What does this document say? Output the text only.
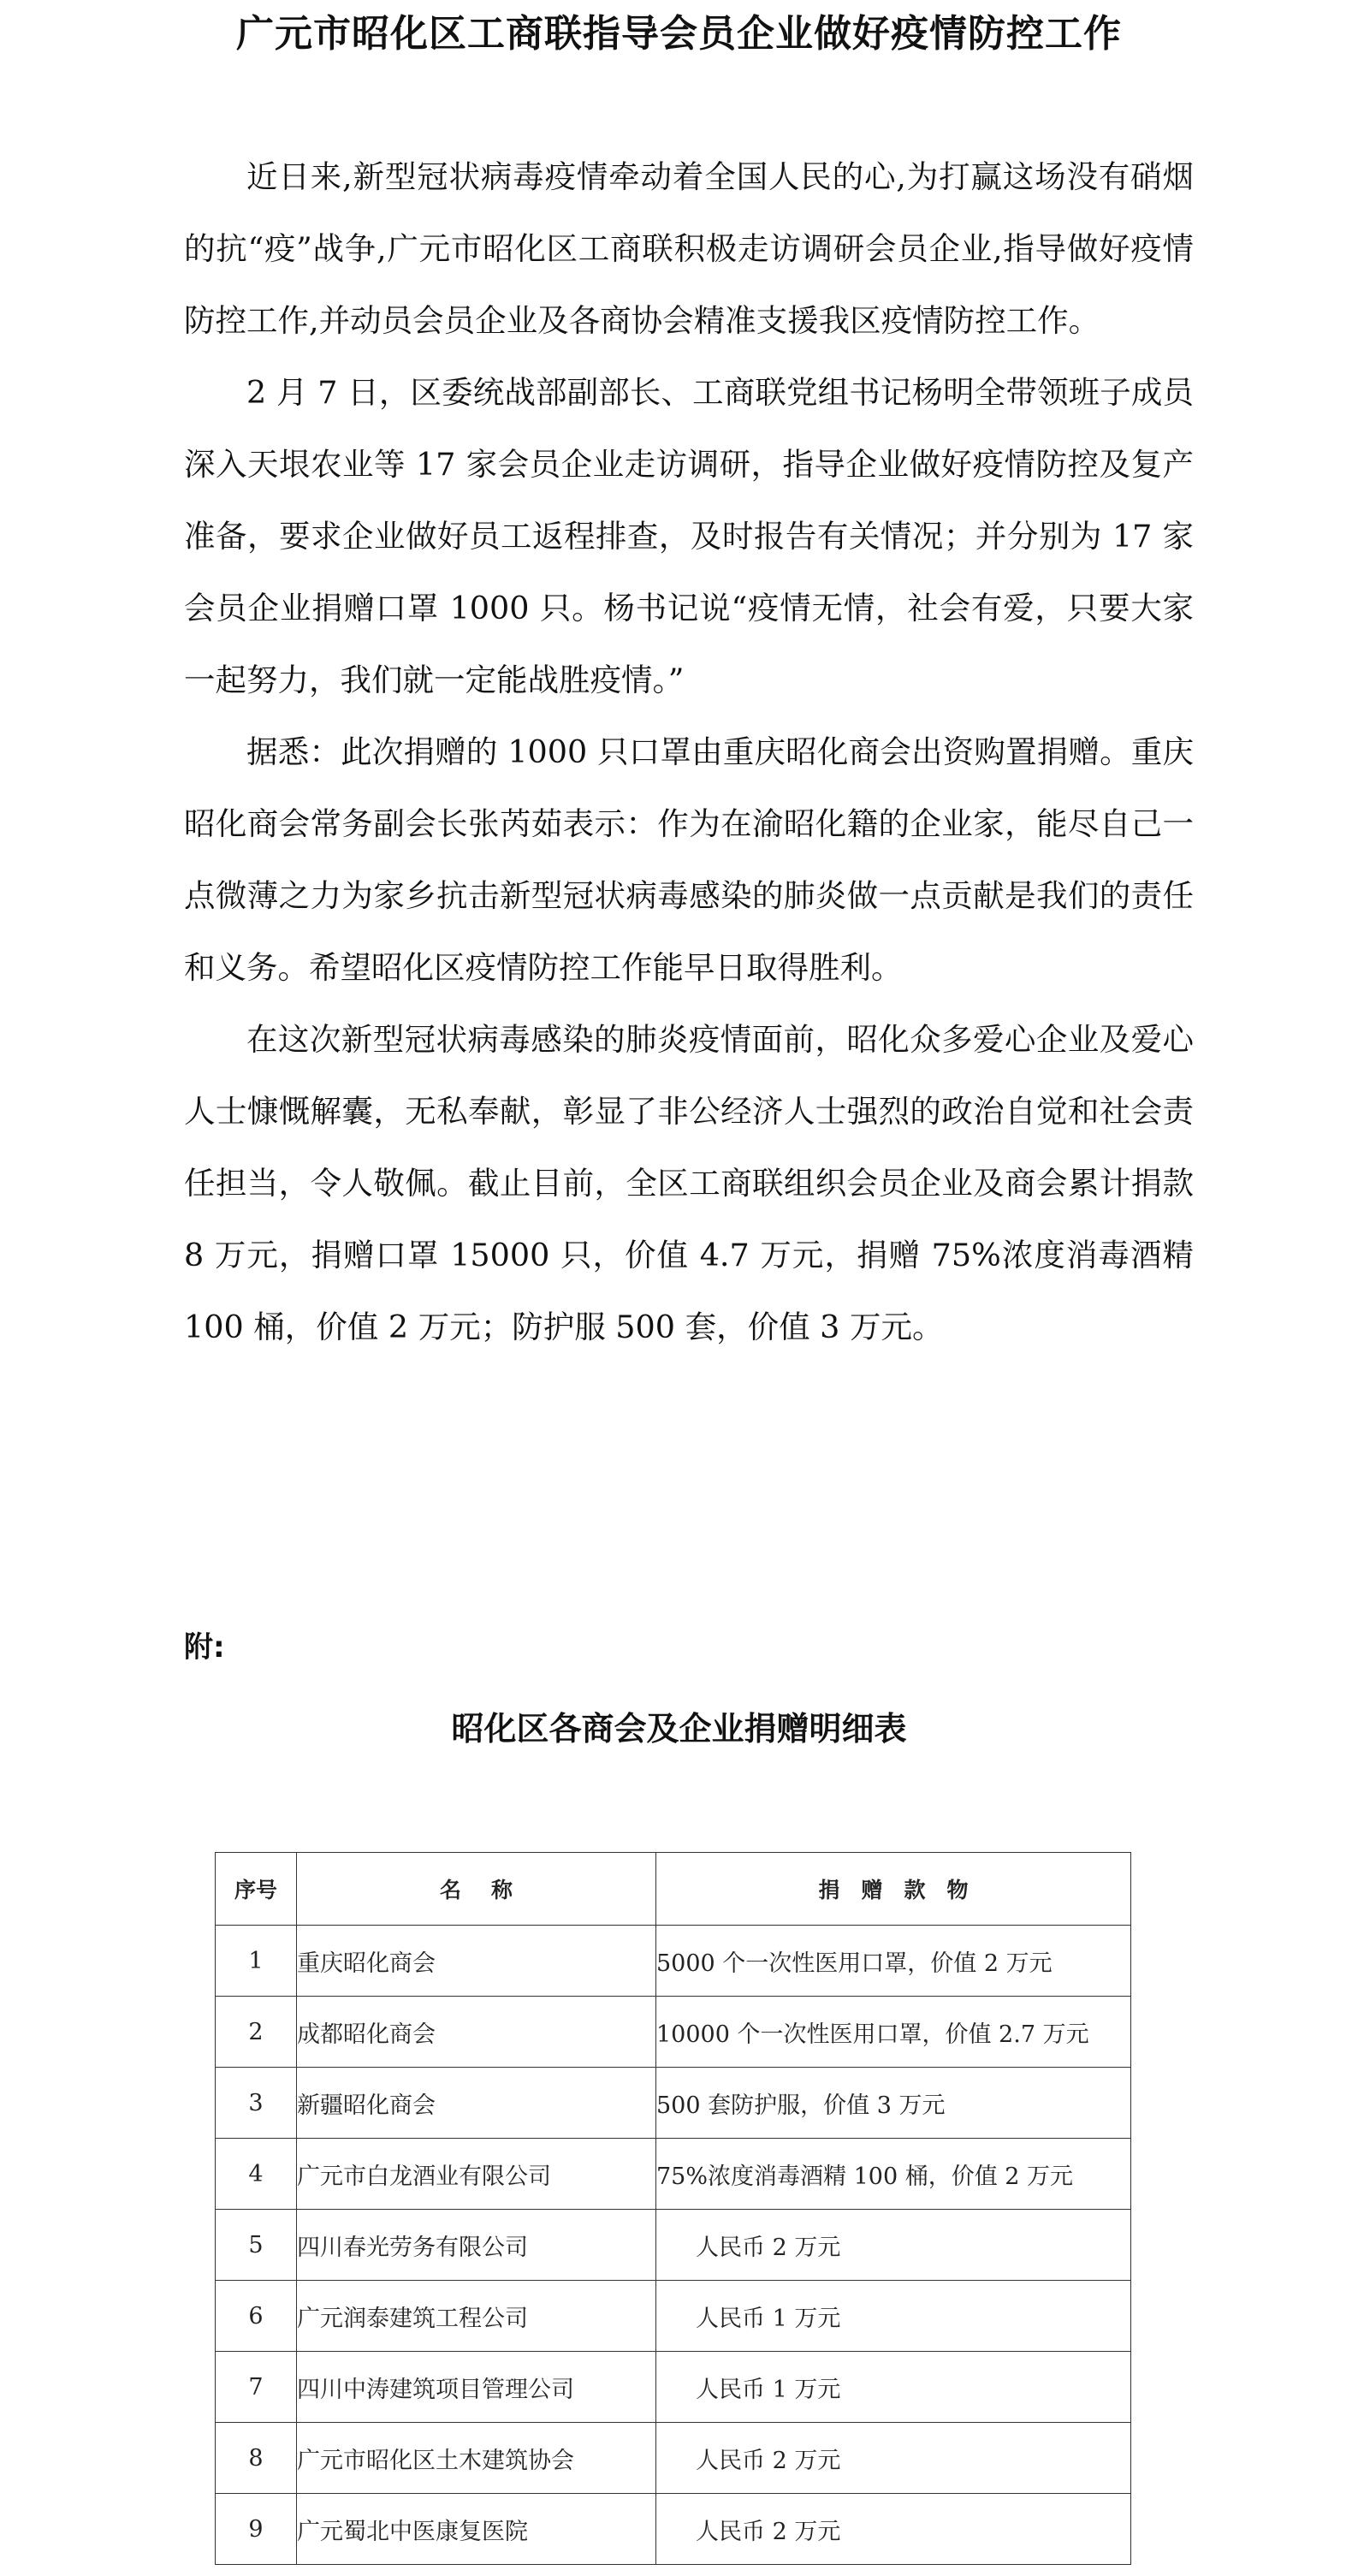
广元市昭化区工商联指导会员企业做好疫情防控工作

近日来,新型冠状病毒疫情牵动着全国人民的心,为打赢这场没有硝烟的抗“疫”战争,广元市昭化区工商联积极走访调研会员企业,指导做好疫情防控工作,并动员会员企业及各商协会精准支援我区疫情防控工作。

2 月 7 日，区委统战部副部长、工商联党组书记杨明全带领班子成员深入天垠农业等 17 家会员企业走访调研，指导企业做好疫情防控及复产准备，要求企业做好员工返程排查，及时报告有关情况；并分别为 17 家会员企业捐赠口罩 1000 只。杨书记说“疫情无情，社会有爱，只要大家一起努力，我们就一定能战胜疫情。”

据悉：此次捐赠的 1000 只口罩由重庆昭化商会出资购置捐赠。重庆昭化商会常务副会长张芮茹表示：作为在渝昭化籍的企业家，能尽自己一点微薄之力为家乡抗击新型冠状病毒感染的肺炎做一点贡献是我们的责任和义务。希望昭化区疫情防控工作能早日取得胜利。

在这次新型冠状病毒感染的肺炎疫情面前，昭化众多爱心企业及爱心人士慷慨解囊，无私奉献，彰显了非公经济人士强烈的政治自觉和社会责任担当，令人敬佩。截止目前，全区工商联组织会员企业及商会累计捐款 8 万元，捐赠口罩 15000 只，价值 4.7 万元，捐赠 75%浓度消毒酒精 100 桶，价值 2 万元；防护服 500 套，价值 3 万元。

附:
昭化区各商会及企业捐赠明细表
序号	名称	捐赠款物
1	重庆昭化商会	5000 个一次性医用口罩，价值 2 万元
2	成都昭化商会	10000 个一次性医用口罩，价值 2.7 万元
3	新疆昭化商会	500 套防护服，价值 3 万元
4	广元市白龙酒业有限公司	75%浓度消毒酒精 100 桶，价值 2 万元
5	四川春光劳务有限公司	人民币 2 万元
6	广元润泰建筑工程公司	人民币 1 万元
7	四川中涛建筑项目管理公司	人民币 1 万元
8	广元市昭化区土木建筑协会	人民币 2 万元
9	广元蜀北中医康复医院	人民币 2 万元
